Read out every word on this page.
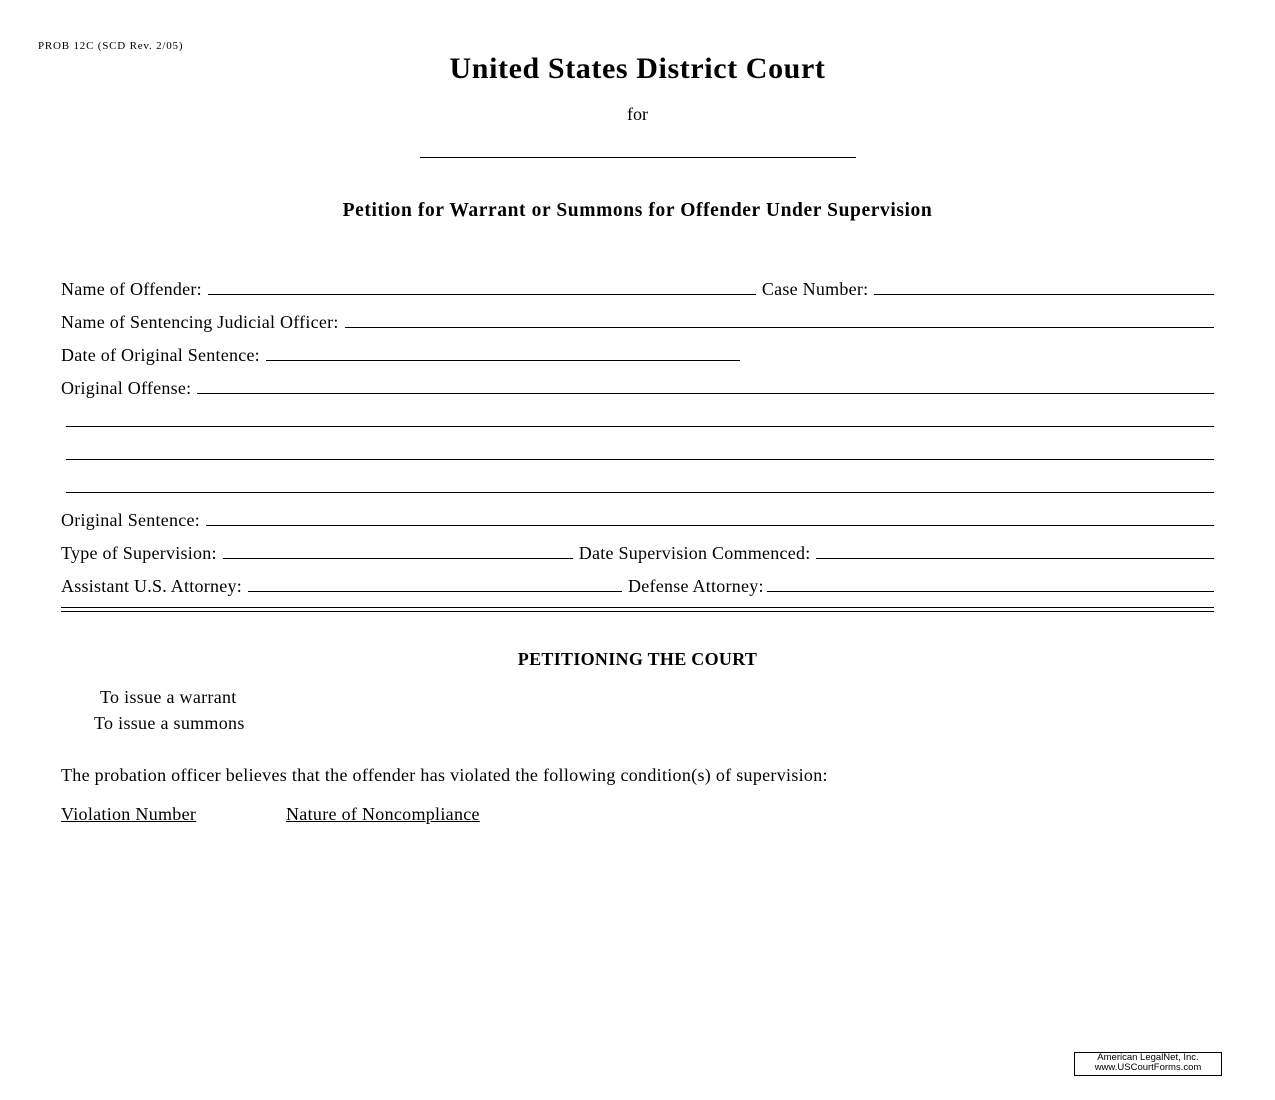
PROB 12C (SCD Rev. 2/05)
United States District Court
for
Petition for Warrant or Summons for Offender Under Supervision
Name of Offender:	Case Number:
Name of Sentencing Judicial Officer:
Date of Original Sentence:
Original Offense:
Original Sentence:
Type of Supervision:	Date Supervision Commenced:
Assistant U.S. Attorney:	Defense Attorney:
PETITIONING THE COURT
To issue a warrant
To issue a summons
The probation officer believes that the offender has violated the following condition(s) of supervision:
Violation Number	Nature of Noncompliance
American LegalNet, Inc.
www.USCourtForms.com
